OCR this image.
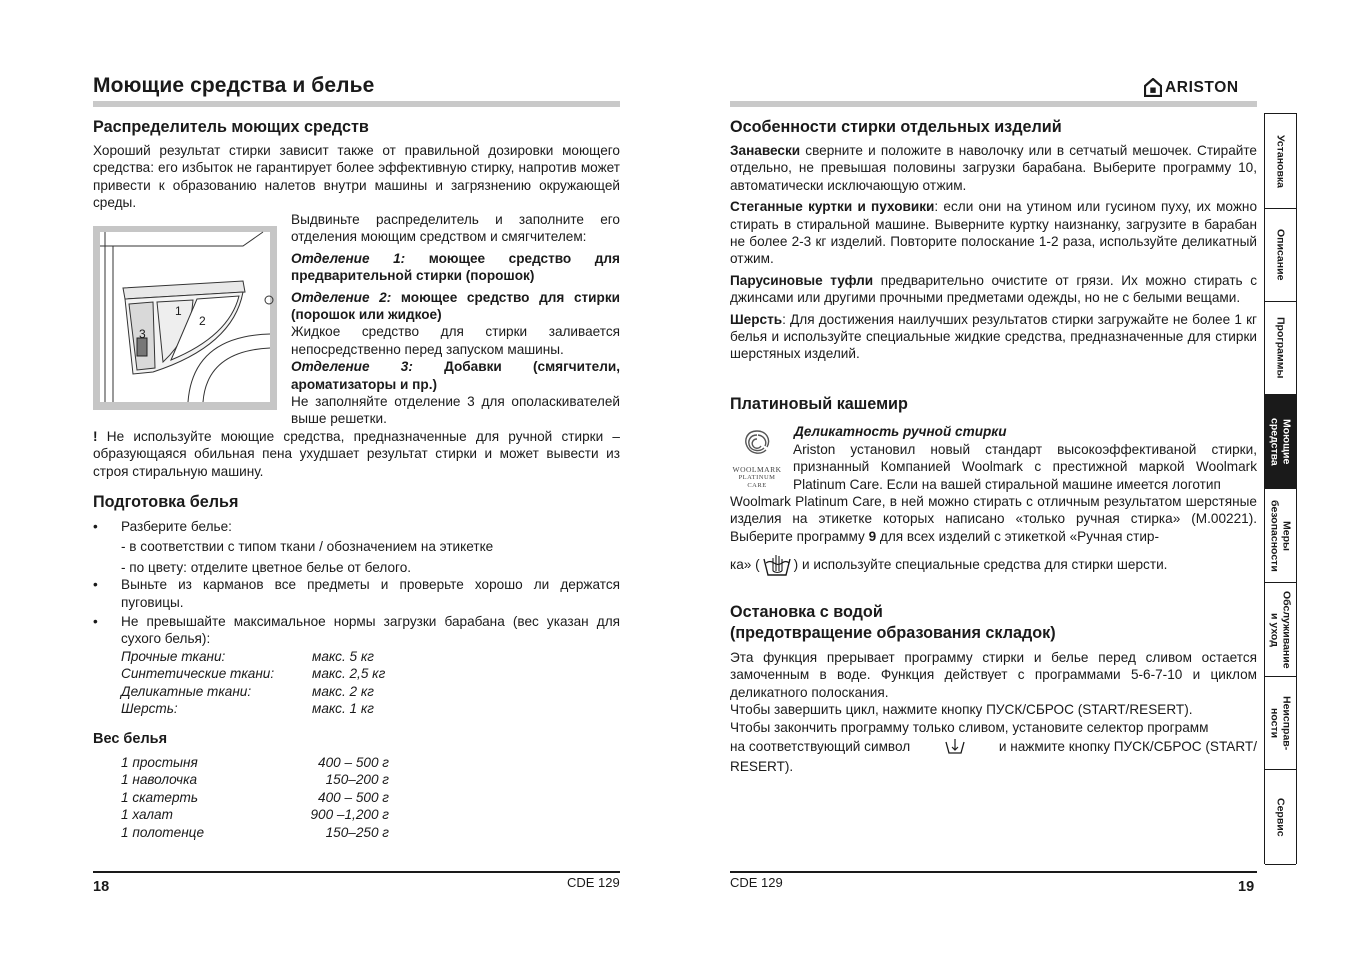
Моющие средства и белье
Распределитель моющих средств

Хороший результат стирки зависит также от правильной дозировки моющего средства: его избыток не гарантирует более эффективную стирку, напротив может привести к образованию налетов внутри машины и загрязнению окружающей среды.

1
2
3

Выдвиньте распределитель и заполните его отделения моющим средством и смягчителем:

Отделение 1: моющее средство для предварительной стирки (порошок)

Отделение 2: моющее средство для стирки (порошок или жидкое)

Жидкое средство для стирки заливается непосредственно перед запуском машины.

Отделение 3: Добавки (смягчители, ароматизаторы и пр.)

Не заполняйте отделение 3 для ополаскивателей выше решетки.

! Не используйте моющие средства, предназначенные для ручной стирки – образующаяся обильная пена ухудшает результат стирки и может вывести из строя стиральную машину.

Подготовка белья
• Разберите белье:

- в соответствии с типом ткани / обозначением на этикетке

- по цвету: отделите цветное белье от белого.

• Выньте из карманов все предметы и проверьте хорошо ли держатся пуговицы.

• Не превышайте максимальное нормы загрузки барабана (вес указан для сухого белья):

Прочные ткани:	макс. 5 кг
Синтетические ткани:	макс. 2,5 кг
Деликатные ткани:	макс. 2 кг
Шерсть:	макс. 1 кг
Вес белья
1 простыня	400 – 500 г
1 наволочка	150–200 г
1 скатерть	400 – 500 г
1 халат	900 –1,200 г
1 полотенце	150–250 г
18	CDE 129
ARISTON
Особенности стирки отдельных изделий

Занавески сверните и положите в наволочку или в сетчатый мешочек. Стирайте отдельно, не превышая половины загрузки барабана. Выберите программу 10, автоматически исключающую отжим.

Стеганные куртки и пуховики: если они на утином или гусином пуху, их можно стирать в стиральной машине. Выверните куртку наизнанку, загрузите в барабан не более 2-3 кг изделий. Повторите полоскание 1-2 раза, используйте деликатный отжим.

Парусиновые туфли предварительно очистите от грязи. Их можно стирать с джинсами или другими прочными предметами одежды, но не с белыми вещами.

Шерсть: Для достижения наилучших результатов стирки загружайте не более 1 кг белья и используйте специальные жидкие средства, предназначенные для стирки шерстяных изделий.

Платиновый кашемир
WOOLMARK
PLATINUM
CARE

Деликатность ручной стирки

Ariston установил новый стандарт высокоэффективаной стирки, признанный Компанией Woolmark с престижной маркой Woolmark Platinum Care. Если на вашей стиральной машине имеется логотип

Woolmark Platinum Care, в ней можно стирать с отличным результатом шерстяные изделия на этикетке которых написано «только ручная стирка» (M.00221). Выберите программу 9 для всех изделий с этикеткой «Ручная стир-

ка» (	) и используйте специальные средства для стирки шерсти.
Остановка с водой
(предотвращение образования складок)

Эта функция прерывает программу стирки и белье перед сливом остается замоченным в воде. Функция действует с программами 5-6-7-10 и циклом деликатного полоскания.

Чтобы завершить цикл, нажмите кнопку ПУСК/СБРОС (START/RESERT).

Чтобы закончить программу только сливом, установите селектор программ

на соответствующий символ	и нажмите кнопку ПУСК/СБРОС (START/

RESERT).

CDE 129	19
Установка
Описание
Программы
Моющие
средства
Меры
безопасности
Обслуживание
и уход
Неисправ-
ности
Сервис
